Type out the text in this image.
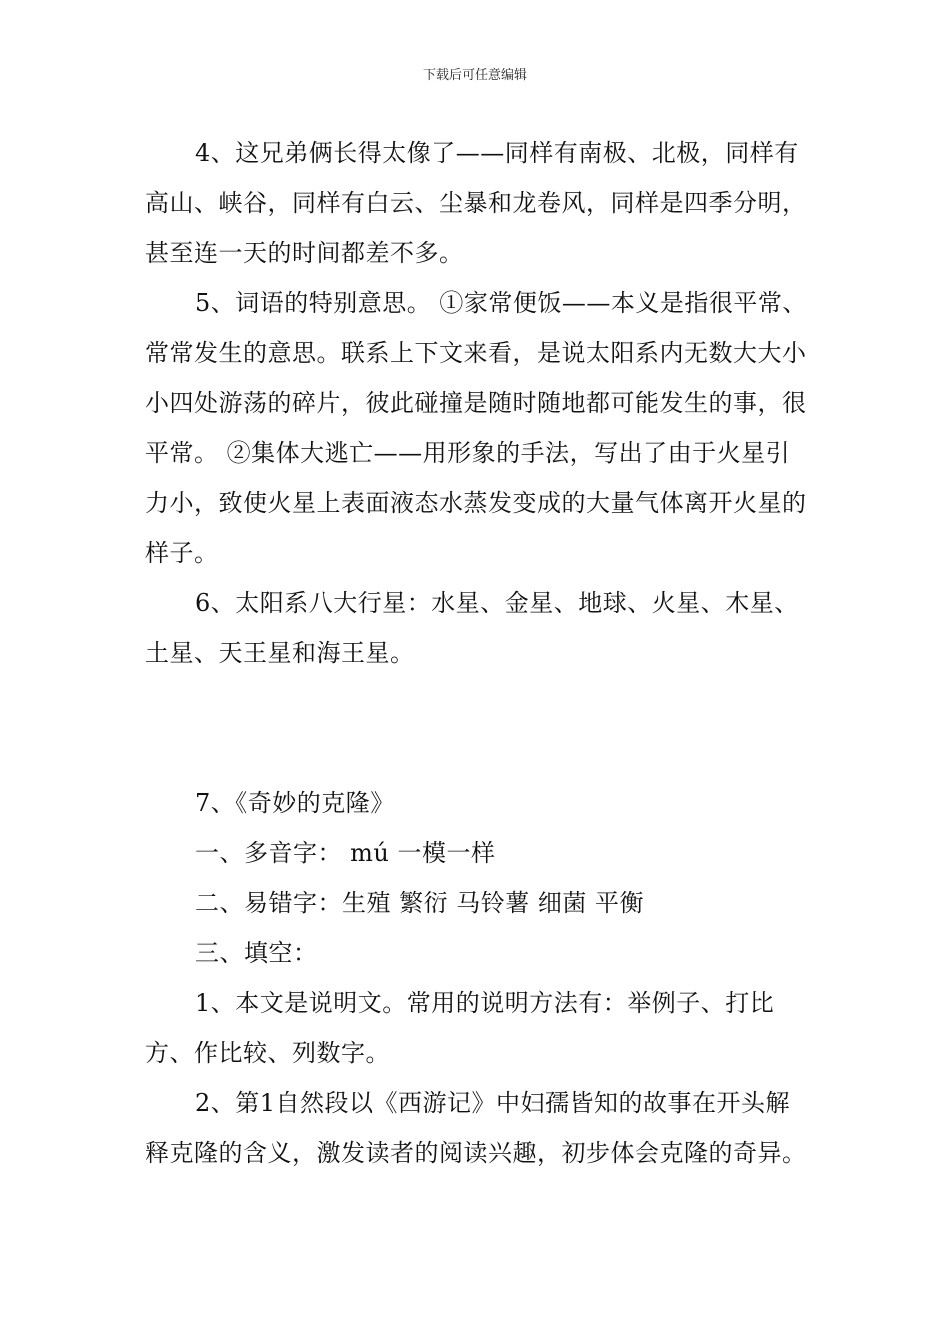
下载后可任意编辑

4、这兄弟俩长得太像了——同样有南极、北极，同样有高山、峡谷，同样有白云、尘暴和龙卷风，同样是四季分明，甚至连一天的时间都差不多。

5、词语的特别意思。 ①家常便饭——本义是指很平常、常常发生的意思。联系上下文来看，是说太阳系内无数大大小小四处游荡的碎片，彼此碰撞是随时随地都可能发生的事，很平常。 ②集体大逃亡——用形象的手法，写出了由于火星引力小，致使火星上表面液态水蒸发变成的大量气体离开火星的样子。

6、太阳系八大行星：水星、金星、地球、火星、木星、土星、天王星和海王星。

7、《奇妙的克隆》

一、多音字： mú 一模一样

二、易错字：生殖 繁衍 马铃薯 细菌 平衡

三、填空：

1、本文是说明文。常用的说明方法有：举例子、打比方、作比较、列数字。

2、第1自然段以《西游记》中妇孺皆知的故事在开头解释克隆的含义，激发读者的阅读兴趣，初步体会克隆的奇异。
